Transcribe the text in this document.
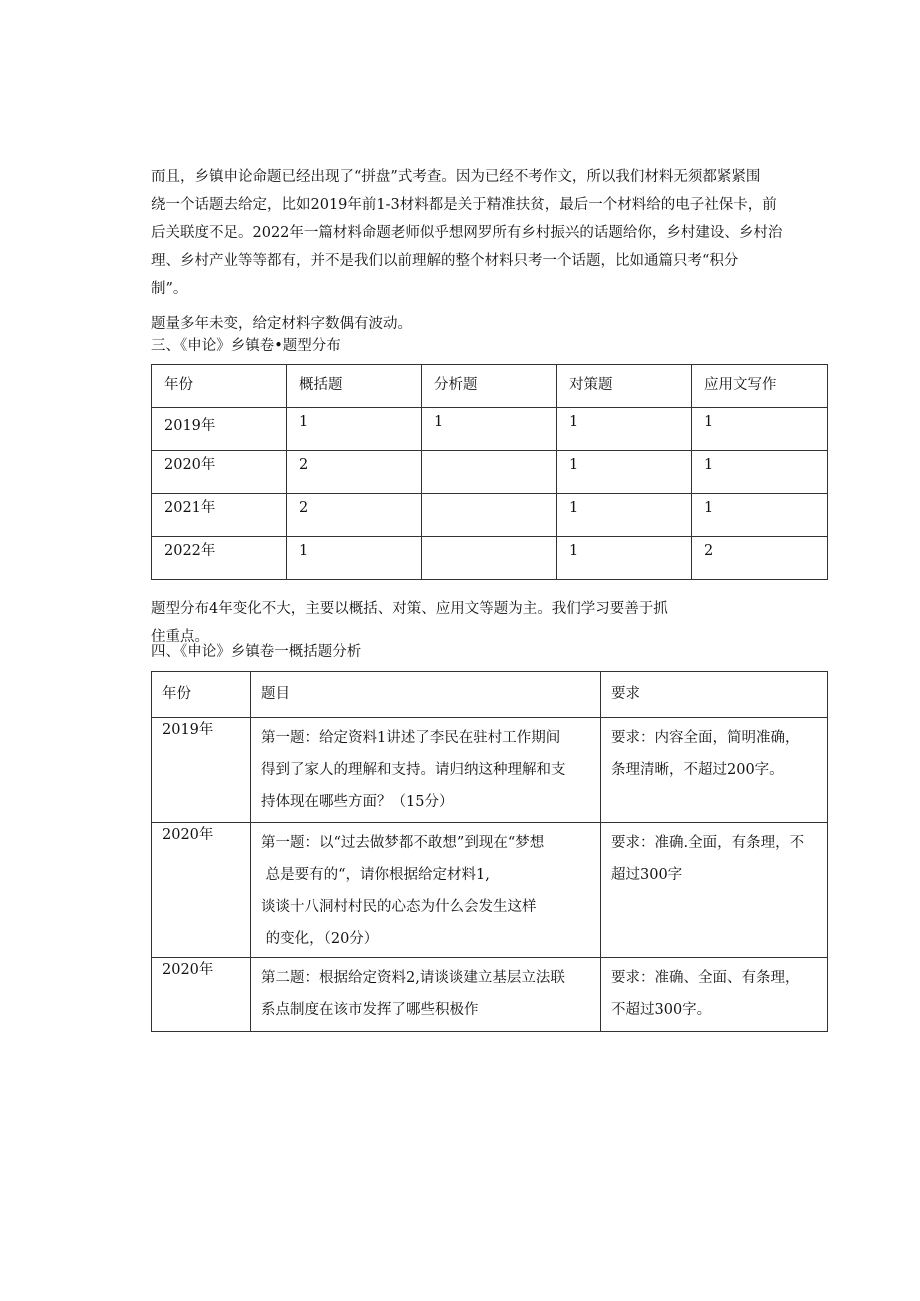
而且，乡镇申论命题已经出现了“拼盘”式考查。因为已经不考作文，所以我们材料无须都紧紧围
绕一个话题去给定，比如2019年前1-3材料都是关于精准扶贫，最后一个材料给的电子社保卡，前
后关联度不足。2022年一篇材料命题老师似乎想网罗所有乡村振兴的话题给你，乡村建设、乡村治
理、乡村产业等等都有，并不是我们以前理解的整个材料只考一个话题，比如通篇只考“积分
制”。

题量多年未变，给定材料字数偶有波动。

三、《申论》乡镇卷•题型分布

年份	概括题	分析题	对策题	应用文写作

2019年	1	1	1	1

2020年	2		1	1

2021年	2		1	1

2022年	1		1	2
题型分布4年变化不大，主要以概括、对策、应用文等题为主。我们学习要善于抓
住重点。

四、《申论》乡镇卷一概括题分析

年份	题目	要求

2019年	第一题：给定资料1讲述了李民在驻村工作期间
得到了家人的理解和支持。请归纳这种理解和支
持体现在哪些方面？（15分）	要求：内容全面，简明准确，
条理清晰，不超过200字。

2020年	第一题：以“过去做梦都不敢想”到现在“梦想
总是要有的“，请你根据给定材料1,
谈谈十八洞村村民的心态为什么会发生这样
的变化，（20分）	要求：准确.全面，有条理，不
超过300字

2020年	第二题：根据给定资料2,请谈谈建立基层立法联
系点制度在该市发挥了哪些积极作	要求：准确、全面、有条理，
不超过300字。
